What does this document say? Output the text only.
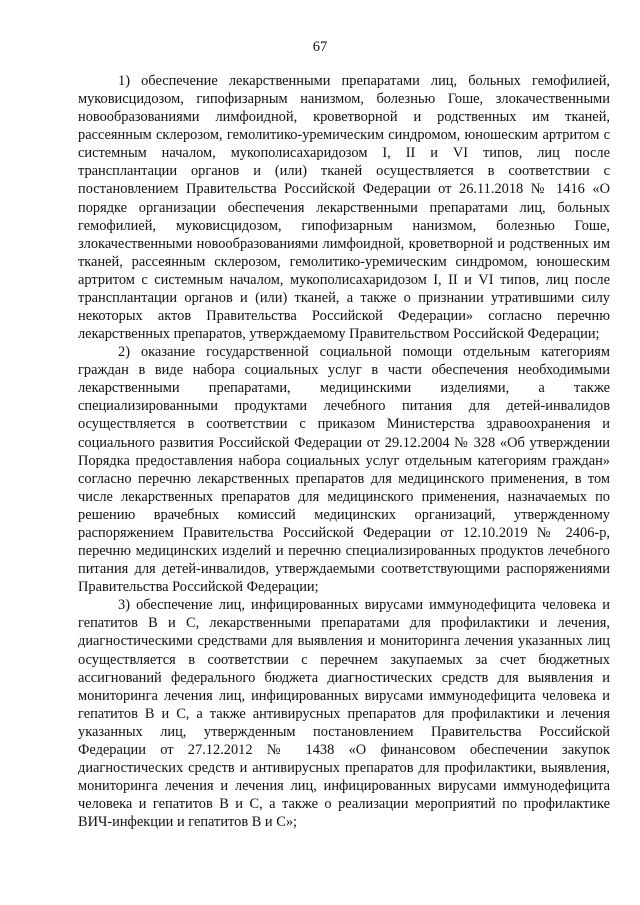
67

1) обеспечение лекарственными препаратами лиц, больных гемофилией, муковисцидозом, гипофизарным нанизмом, болезнью Гоше, злокачественными новообразованиями лимфоидной, кроветворной и родственных им тканей, рассеянным склерозом, гемолитико-уремическим синдромом, юношеским артритом с системным началом, мукополисахаридозом I, II и VI типов, лиц после трансплантации органов и (или) тканей осуществляется в соответствии с постановлением Правительства Российской Федерации от 26.11.2018 № 1416 «О порядке организации обеспечения лекарственными препаратами лиц, больных гемофилией, муковисцидозом, гипофизарным нанизмом, болезнью Гоше, злокачественными новообразованиями лимфоидной, кроветворной и родственных им тканей, рассеянным склерозом, гемолитико-уремическим синдромом, юношеским артритом с системным началом, мукополисахаридозом I, II и VI типов, лиц после трансплантации органов и (или) тканей, а также о признании утратившими силу некоторых актов Правительства Российской Федерации» согласно перечню лекарственных препаратов, утверждаемому Правительством Российской Федерации;

2) оказание государственной социальной помощи отдельным категориям граждан в виде набора социальных услуг в части обеспечения необходимыми лекарственными препаратами, медицинскими изделиями, а также специализированными продуктами лечебного питания для детей-инвалидов осуществляется в соответствии с приказом Министерства здравоохранения и социального развития Российской Федерации от 29.12.2004 № 328 «Об утверждении Порядка предоставления набора социальных услуг отдельным категориям граждан» согласно перечню лекарственных препаратов для медицинского применения, в том числе лекарственных препаратов для медицинского применения, назначаемых по решению врачебных комиссий медицинских организаций, утвержденному распоряжением Правительства Российской Федерации от 12.10.2019 № 2406-р, перечню медицинских изделий и перечню специализированных продуктов лечебного питания для детей-инвалидов, утверждаемыми соответствующими распоряжениями Правительства Российской Федерации;

3) обеспечение лиц, инфицированных вирусами иммунодефицита человека и гепатитов B и C, лекарственными препаратами для профилактики и лечения, диагностическими средствами для выявления и мониторинга лечения указанных лиц осуществляется в соответствии с перечнем закупаемых за счет бюджетных ассигнований федерального бюджета диагностических средств для выявления и мониторинга лечения лиц, инфицированных вирусами иммунодефицита человека и гепатитов B и C, а также антивирусных препаратов для профилактики и лечения указанных лиц, утвержденным постановлением Правительства Российской Федерации от 27.12.2012 № 1438 «О финансовом обеспечении закупок диагностических средств и антивирусных препаратов для профилактики, выявления, мониторинга лечения и лечения лиц, инфицированных вирусами иммунодефицита человека и гепатитов B и C, а также о реализации мероприятий по профилактике ВИЧ-инфекции и гепатитов B и C»;
